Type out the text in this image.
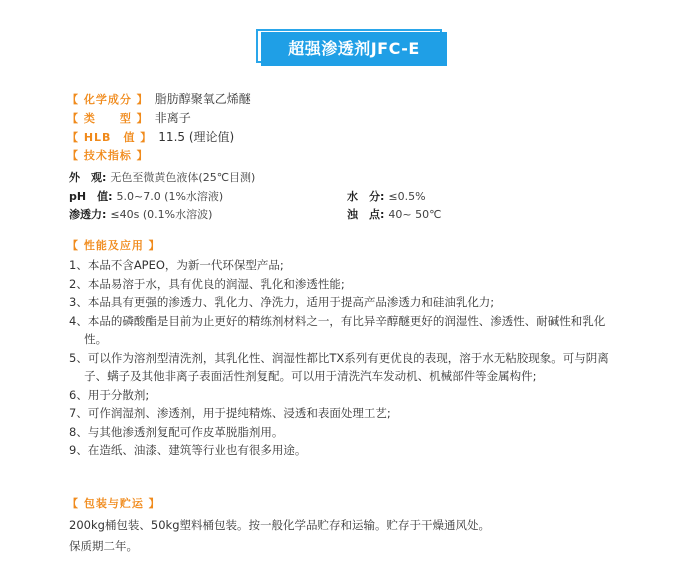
超强渗透剂JFC-E
【 化学成分 】 脂肪醇聚氧乙烯醚
【 类　　型 】 非离子
【 HLB　值 】 11.5 (理论值)
【 技术指标 】
外　观: 无色至微黄色液体(25℃目测)
pH　值: 5.0~7.0 (1%水溶液)	水　分: ≤0.5%
渗透力: ≤40s (0.1%水溶波)	浊　点: 40~ 50℃
【 性能及应用 】

1、本品不含APEO，为新一代环保型产品;

2、本品易溶于水，具有优良的润湿、乳化和渗透性能;

3、本品具有更强的渗透力、乳化力、净洗力，适用于提高产品渗透力和硅油乳化力;

4、本品的磷酸酯是目前为止更好的精练剂材料之一，有比异辛醇醚更好的润湿性、渗透性、耐碱性和乳化

　 性。

5、可以作为溶剂型清洗剂，其乳化性、润湿性都比TX系列有更优良的表现，溶于水无粘胶现象。可与阴离

　 子、螨子及其他非离子表面活性剂复配。可以用于清洗汽车发动机、机械部件等金属构件;

6、用于分散剂;

7、可作润湿剂、渗透剂，用于提纯精炼、浸透和表面处理工艺;

8、与其他渗透剂复配可作皮革脱脂剂用。

9、在造纸、油漆、建筑等行业也有很多用途。

【 包装与贮运 】
200kg桶包装、50kg塑料桶包装。按一般化学品贮存和运输。贮存于干燥通风处。
保质期二年。
